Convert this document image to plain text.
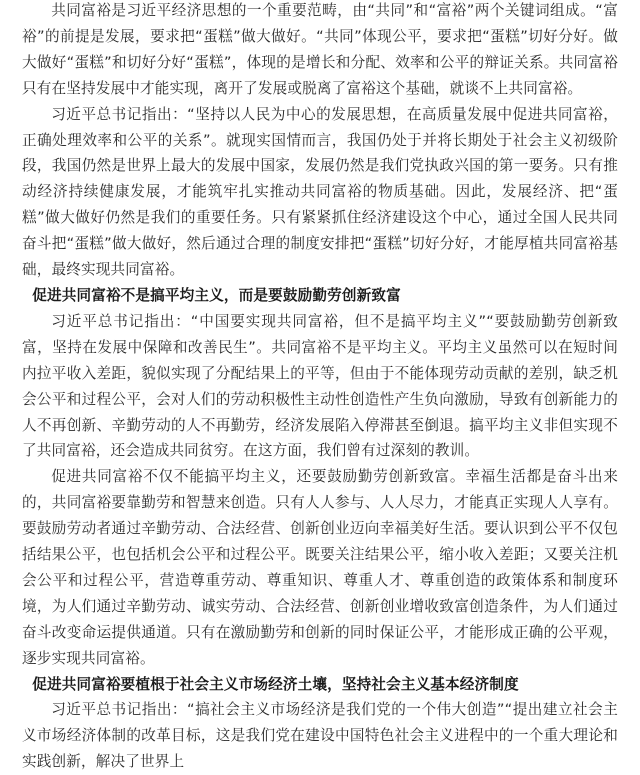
共同富裕是习近平经济思想的一个重要范畴，由“共同”和“富裕”两个关键词组成。“富裕”的前提是发展，要求把“蛋糕”做大做好。“共同”体现公平，要求把“蛋糕”切好分好。做大做好“蛋糕”和切好分好“蛋糕”，体现的是增长和分配、效率和公平的辩证关系。共同富裕只有在坚持发展中才能实现，离开了发展或脱离了富裕这个基础，就谈不上共同富裕。

习近平总书记指出：“坚持以人民为中心的发展思想，在高质量发展中促进共同富裕，正确处理效率和公平的关系”。就现实国情而言，我国仍处于并将长期处于社会主义初级阶段，我国仍然是世界上最大的发展中国家，发展仍然是我们党执政兴国的第一要务。只有推动经济持续健康发展，才能筑牢扎实推动共同富裕的物质基础。因此，发展经济、把“蛋糕”做大做好仍然是我们的重要任务。只有紧紧抓住经济建设这个中心，通过全国人民共同奋斗把“蛋糕”做大做好，然后通过合理的制度安排把“蛋糕”切好分好，才能厚植共同富裕基础，最终实现共同富裕。

促进共同富裕不是搞平均主义，而是要鼓励勤劳创新致富

习近平总书记指出：“中国要实现共同富裕，但不是搞平均主义”“要鼓励勤劳创新致富，坚持在发展中保障和改善民生”。共同富裕不是平均主义。平均主义虽然可以在短时间内拉平收入差距，貌似实现了分配结果上的平等，但由于不能体现劳动贡献的差别，缺乏机会公平和过程公平，会对人们的劳动积极性主动性创造性产生负向激励，导致有创新能力的人不再创新、辛勤劳动的人不再勤劳，经济发展陷入停滞甚至倒退。搞平均主义非但实现不了共同富裕，还会造成共同贫穷。在这方面，我们曾有过深刻的教训。

促进共同富裕不仅不能搞平均主义，还要鼓励勤劳创新致富。幸福生活都是奋斗出来的，共同富裕要靠勤劳和智慧来创造。只有人人参与、人人尽力，才能真正实现人人享有。要鼓励劳动者通过辛勤劳动、合法经营、创新创业迈向幸福美好生活。要认识到公平不仅包括结果公平，也包括机会公平和过程公平。既要关注结果公平，缩小收入差距；又要关注机会公平和过程公平，营造尊重劳动、尊重知识、尊重人才、尊重创造的政策体系和制度环境，为人们通过辛勤劳动、诚实劳动、合法经营、创新创业增收致富创造条件，为人们通过奋斗改变命运提供通道。只有在激励勤劳和创新的同时保证公平，才能形成正确的公平观，逐步实现共同富裕。

促进共同富裕要植根于社会主义市场经济土壤，坚持社会主义基本经济制度

习近平总书记指出：“搞社会主义市场经济是我们党的一个伟大创造”“提出建立社会主义市场经济体制的改革目标，这是我们党在建设中国特色社会主义进程中的一个重大理论和实践创新，解决了世界上
